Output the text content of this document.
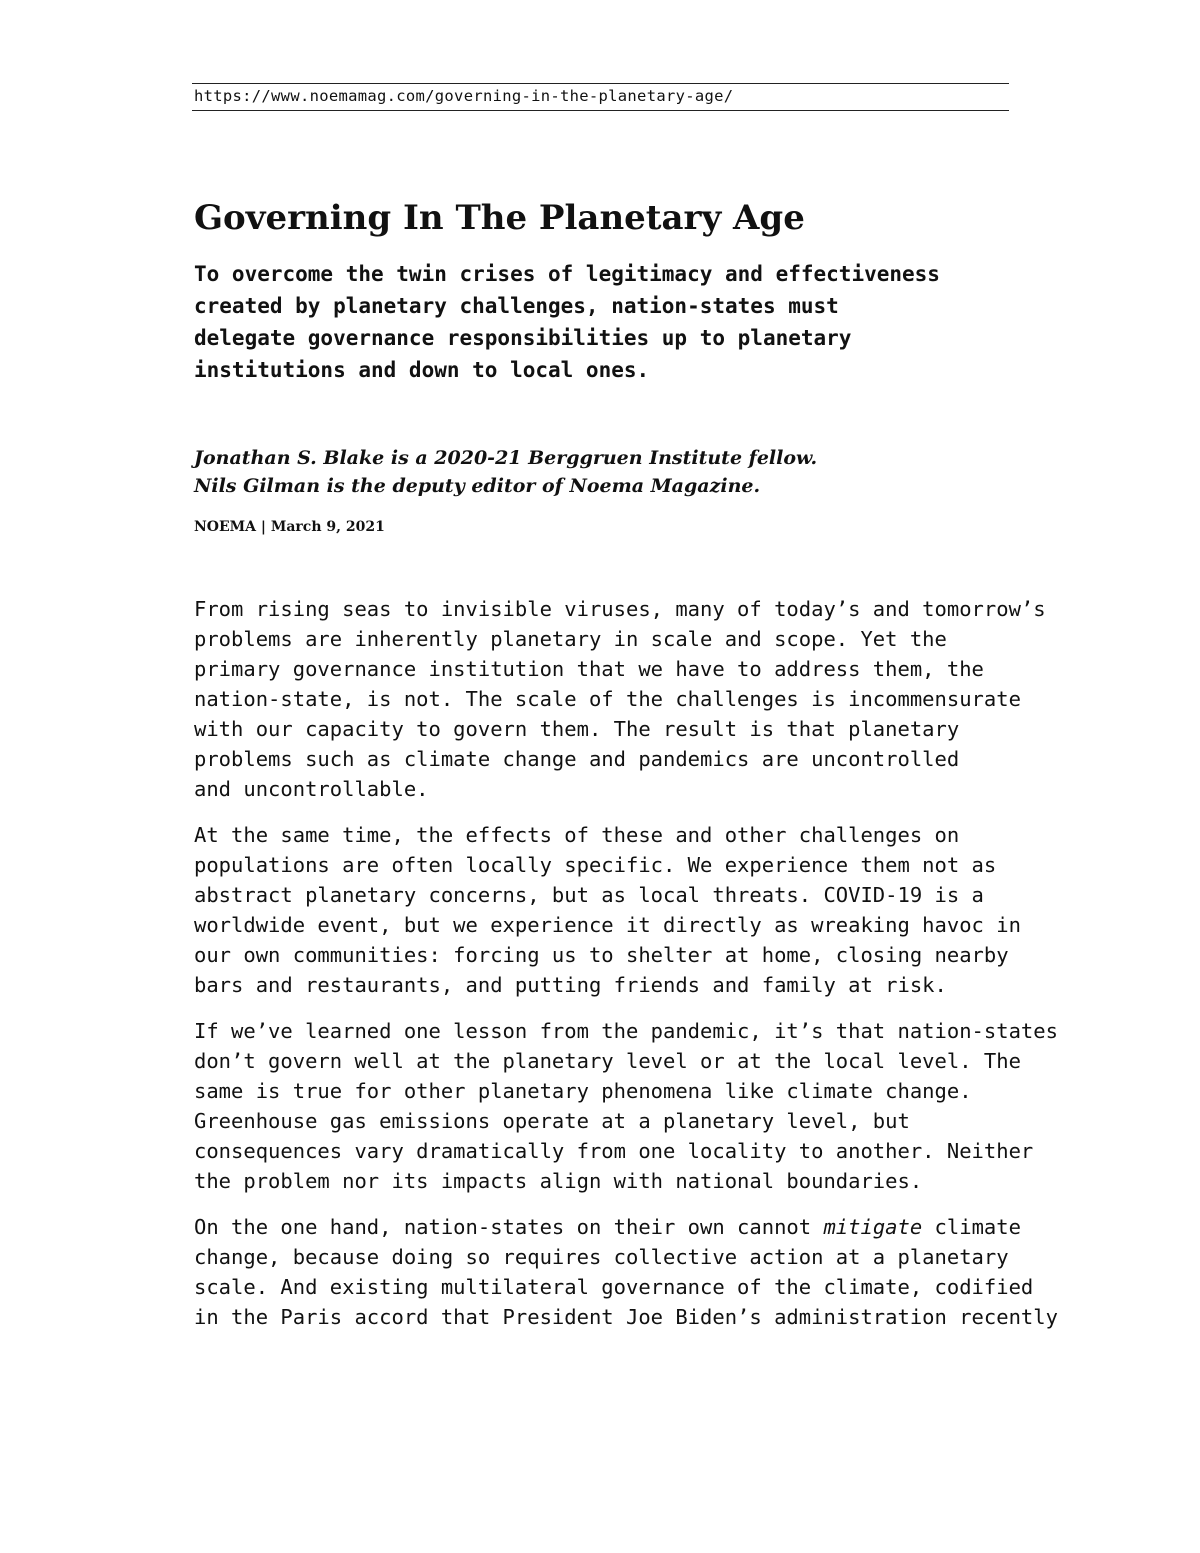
https://www.noemamag.com/governing-in-the-planetary-age/
Governing In The Planetary Age
To overcome the twin crises of legitimacy and effectiveness
created by planetary challenges, nation-states must
delegate governance responsibilities up to planetary
institutions and down to local ones.
Jonathan S. Blake is a 2020-21 Berggruen Institute fellow.
Nils Gilman is the deputy editor of Noema Magazine.
NOEMA | March 9, 2021

From rising seas to invisible viruses, many of today’s and tomorrow’s
problems are inherently planetary in scale and scope. Yet the
primary governance institution that we have to address them, the
nation-state, is not. The scale of the challenges is incommensurate
with our capacity to govern them. The result is that planetary
problems such as climate change and pandemics are uncontrolled
and uncontrollable.

At the same time, the effects of these and other challenges on
populations are often locally specific. We experience them not as
abstract planetary concerns, but as local threats. COVID-19 is a
worldwide event, but we experience it directly as wreaking havoc in
our own communities: forcing us to shelter at home, closing nearby
bars and restaurants, and putting friends and family at risk.

If we’ve learned one lesson from the pandemic, it’s that nation-states
don’t govern well at the planetary level or at the local level. The
same is true for other planetary phenomena like climate change.
Greenhouse gas emissions operate at a planetary level, but
consequences vary dramatically from one locality to another. Neither
the problem nor its impacts align with national boundaries.

On the one hand, nation-states on their own cannot mitigate climate
change, because doing so requires collective action at a planetary
scale. And existing multilateral governance of the climate, codified
in the Paris accord that President Joe Biden’s administration recently
